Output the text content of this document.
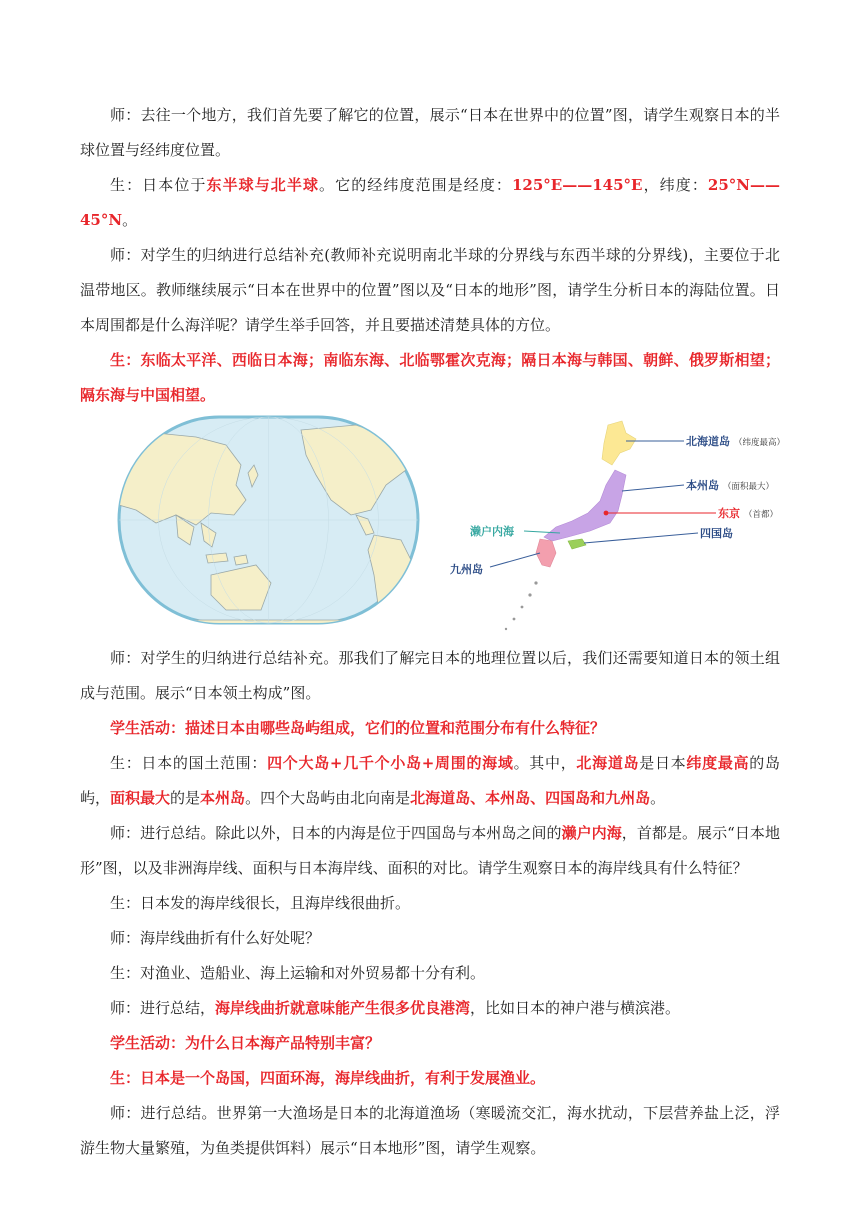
师：去往一个地方，我们首先要了解它的位置，展示“日本在世界中的位置”图，请学生观察日本的半球位置与经纬度位置。

生：日本位于东半球与北半球。它的经纬度范围是经度：125°E——145°E，纬度：25°N——45°N。

师：对学生的归纳进行总结补充(教师补充说明南北半球的分界线与东西半球的分界线)，主要位于北温带地区。教师继续展示“日本在世界中的位置”图以及“日本的地形”图，请学生分析日本的海陆位置。日本周围都是什么海洋呢？请学生举手回答，并且要描述清楚具体的方位。

生：东临太平洋、西临日本海；南临东海、北临鄂霍次克海；隔日本海与韩国、朝鲜、俄罗斯相望；隔东海与中国相望。

北海道岛 （纬度最高）
本州岛 （面积最大）
东京 （首都）
四国岛
濑户内海
九州岛

师：对学生的归纳进行总结补充。那我们了解完日本的地理位置以后，我们还需要知道日本的领土组成与范围。展示“日本领土构成”图。

学生活动：描述日本由哪些岛屿组成，它们的位置和范围分布有什么特征？

生：日本的国土范围：四个大岛+几千个小岛+周围的海域。其中，北海道岛是日本纬度最高的岛屿，面积最大的是本州岛。四个大岛屿由北向南是北海道岛、本州岛、四国岛和九州岛。

师：进行总结。除此以外，日本的内海是位于四国岛与本州岛之间的濑户内海，首都是。展示“日本地形”图，以及非洲海岸线、面积与日本海岸线、面积的对比。请学生观察日本的海岸线具有什么特征？

生：日本发的海岸线很长，且海岸线很曲折。

师：海岸线曲折有什么好处呢？

生：对渔业、造船业、海上运输和对外贸易都十分有利。

师：进行总结，海岸线曲折就意味能产生很多优良港湾，比如日本的神户港与横滨港。

学生活动：为什么日本海产品特别丰富？

生：日本是一个岛国，四面环海，海岸线曲折，有利于发展渔业。

师：进行总结。世界第一大渔场是日本的北海道渔场（寒暖流交汇，海水扰动，下层营养盐上泛，浮游生物大量繁殖，为鱼类提供饵料）展示“日本地形”图，请学生观察。
